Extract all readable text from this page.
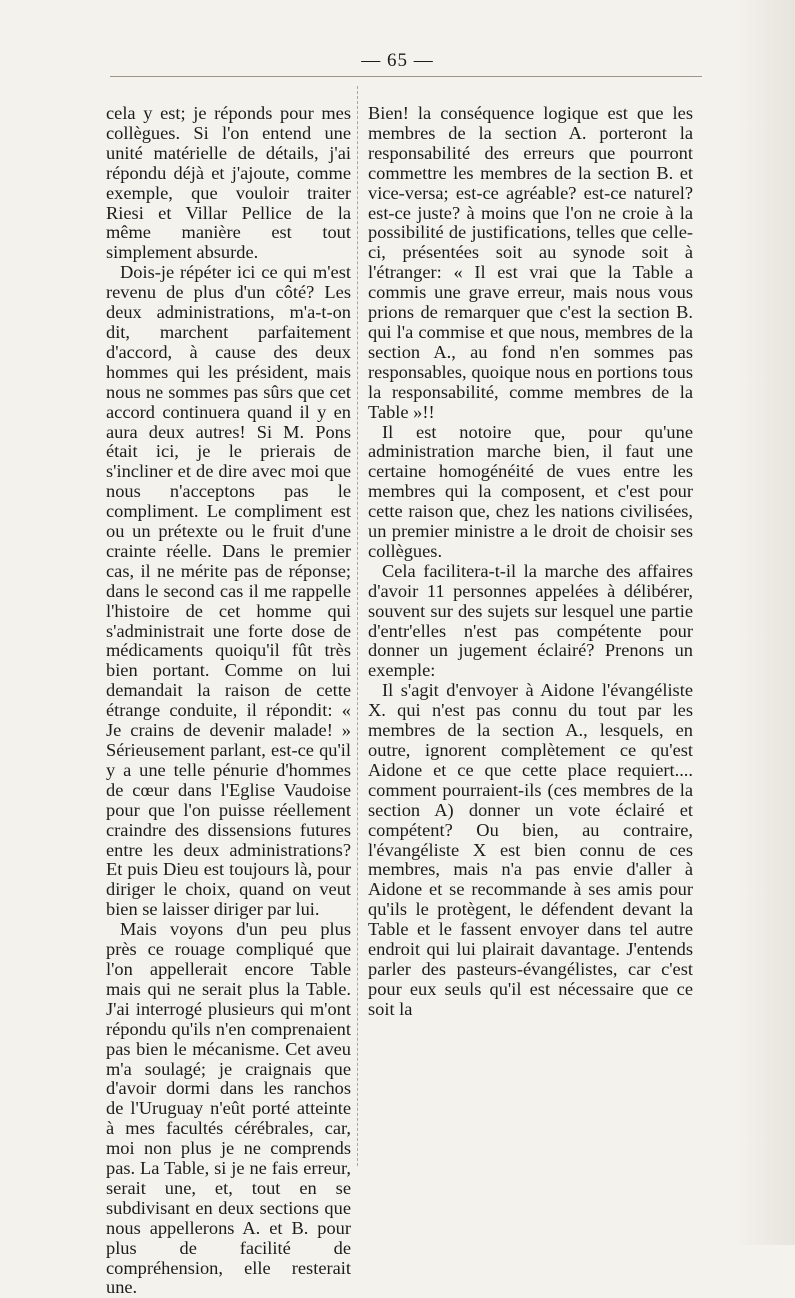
— 65 —

cela y est; je réponds pour mes collègues. Si l'on entend une unité matérielle de détails, j'ai répondu déjà et j'ajoute, comme exemple, que vouloir traiter Riesi et Villar Pellice de la même manière est tout simplement absurde.

Dois-je répéter ici ce qui m'est revenu de plus d'un côté? Les deux administrations, m'a-t-on dit, marchent parfaitement d'accord, à cause des deux hommes qui les président, mais nous ne sommes pas sûrs que cet accord continuera quand il y en aura deux autres! Si M. Pons était ici, je le prierais de s'incliner et de dire avec moi que nous n'acceptons pas le compliment. Le compliment est ou un prétexte ou le fruit d'une crainte réelle. Dans le premier cas, il ne mérite pas de réponse; dans le second cas il me rappelle l'histoire de cet homme qui s'administrait une forte dose de médicaments quoiqu'il fût très bien portant. Comme on lui demandait la raison de cette étrange conduite, il répondit: « Je crains de devenir malade! » Sérieusement parlant, est-ce qu'il y a une telle pénurie d'hommes de cœur dans l'Eglise Vaudoise pour que l'on puisse réellement craindre des dissensions futures entre les deux administrations? Et puis Dieu est toujours là, pour diriger le choix, quand on veut bien se laisser diriger par lui.

Mais voyons d'un peu plus près ce rouage compliqué que l'on appellerait encore Table mais qui ne serait plus la Table. J'ai interrogé plusieurs qui m'ont répondu qu'ils n'en comprenaient pas bien le mécanisme. Cet aveu m'a soulagé; je craignais que d'avoir dormi dans les ranchos de l'Uruguay n'eût porté atteinte à mes facultés cérébrales, car, moi non plus je ne comprends pas. La Table, si je ne fais erreur, serait une, et, tout en se subdivisant en deux sections que nous appellerons A. et B. pour plus de facilité de compréhension, elle resterait une.

Bien! la conséquence logique est que les membres de la section A. porteront la responsabilité des erreurs que pourront commettre les membres de la section B. et vice-versa; est-ce agréable? est-ce naturel? est-ce juste? à moins que l'on ne croie à la possibilité de justifications, telles que celle-ci, présentées soit au synode soit à l'étranger: « Il est vrai que la Table a commis une grave erreur, mais nous vous prions de remarquer que c'est la section B. qui l'a commise et que nous, membres de la section A., au fond n'en sommes pas responsables, quoique nous en portions tous la responsabilité, comme membres de la Table »!!

Il est notoire que, pour qu'une administration marche bien, il faut une certaine homogénéité de vues entre les membres qui la composent, et c'est pour cette raison que, chez les nations civilisées, un premier ministre a le droit de choisir ses collègues.

Cela facilitera-t-il la marche des affaires d'avoir 11 personnes appelées à délibérer, souvent sur des sujets sur lesquel une partie d'entr'elles n'est pas compétente pour donner un jugement éclairé? Prenons un exemple:

Il s'agit d'envoyer à Aidone l'évangéliste X. qui n'est pas connu du tout par les membres de la section A., lesquels, en outre, ignorent complètement ce qu'est Aidone et ce que cette place requiert.... comment pourraient-ils (ces membres de la section A) donner un vote éclairé et compétent? Ou bien, au contraire, l'évangéliste X est bien connu de ces membres, mais n'a pas envie d'aller à Aidone et se recommande à ses amis pour qu'ils le protègent, le défendent devant la Table et le fassent envoyer dans tel autre endroit qui lui plairait davantage. J'entends parler des pasteurs-évangélistes, car c'est pour eux seuls qu'il est nécessaire que ce soit la
